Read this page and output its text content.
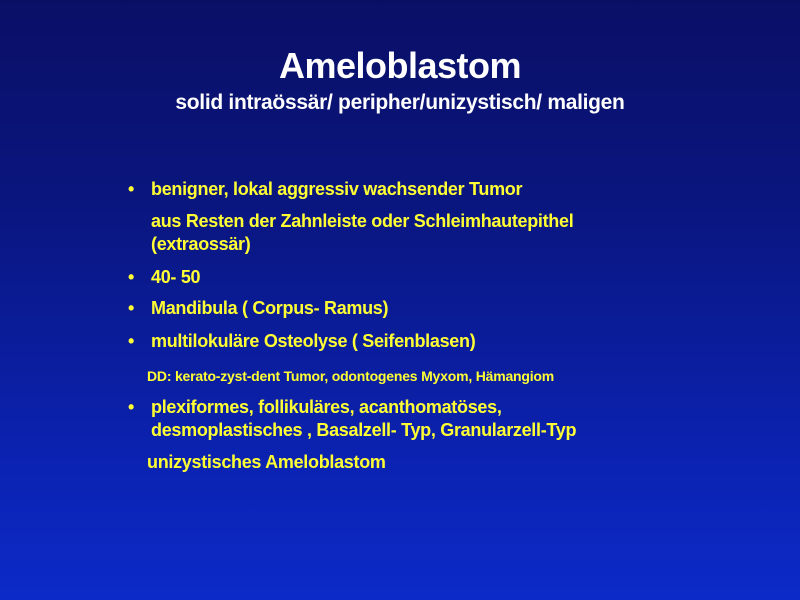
Ameloblastom
solid intraössär/ peripher/unizystisch/ maligen
• benigner, lokal aggressiv wachsender Tumor
aus Resten der Zahnleiste oder Schleimhautepithel
(extraossär)
• 40- 50
• Mandibula ( Corpus- Ramus)
• multilokuläre Osteolyse ( Seifenblasen)
DD: kerato-zyst-dent Tumor, odontogenes Myxom, Hämangiom
• plexiformes, follikuläres, acanthomatöses,
desmoplastisches , Basalzell- Typ, Granularzell-Typ
unizystisches Ameloblastom
